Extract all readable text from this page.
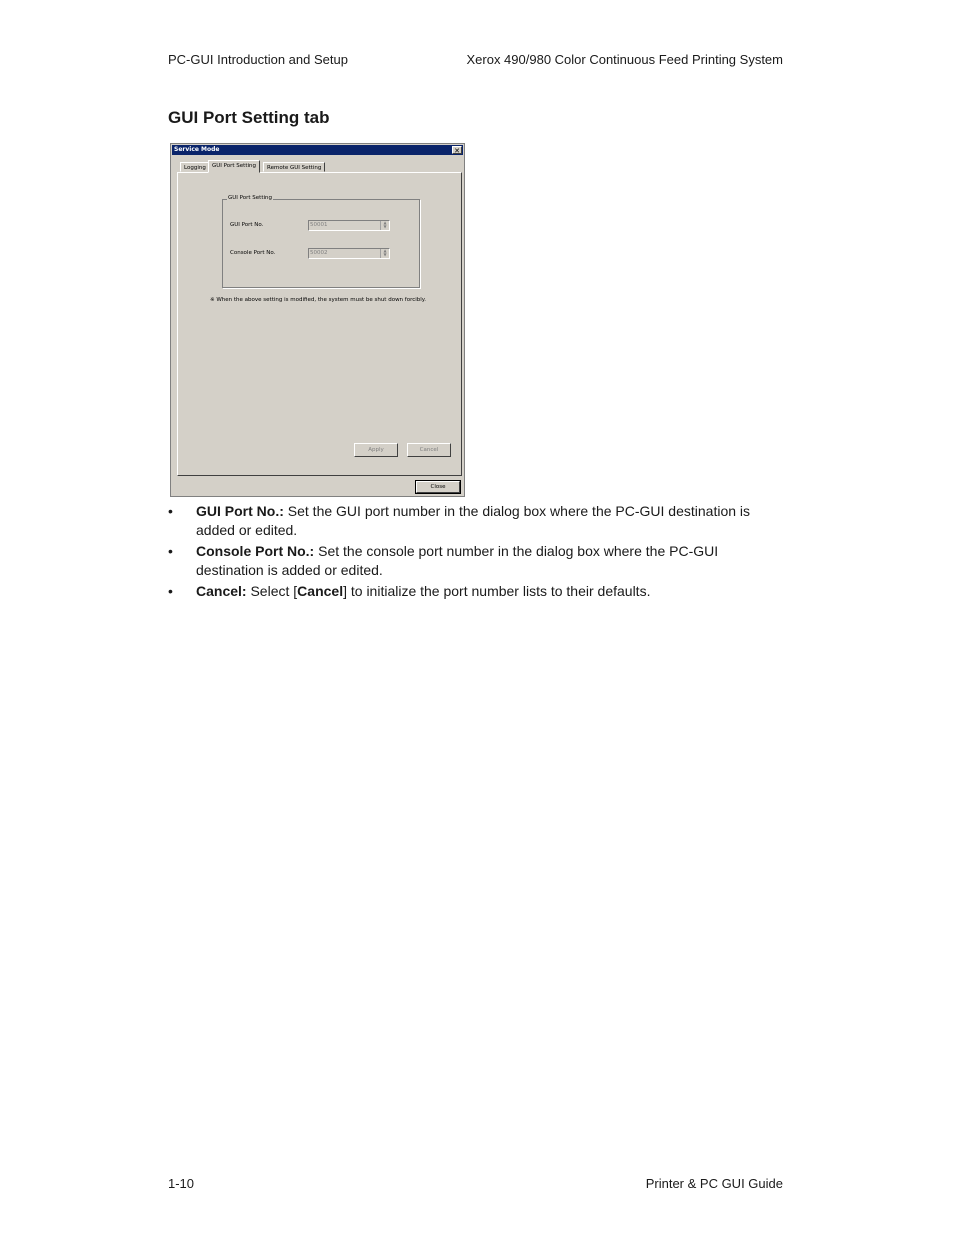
PC-GUI Introduction and Setup	Xerox 490/980 Color Continuous Feed Printing System
GUI Port Setting tab
Service Mode	✕
Logging	GUI Port Setting	Remote GUI Setting
GUI Port Setting
GUI Port No.	50001	▲
▼
Console Port No.	50002	▲
▼
※ When the above setting is modified, the system must be shut down forcibly.
Apply	Cancel
Close
• GUI Port No.: Set the GUI port number in the dialog box where the PC-GUI destination is added or edited.
• Console Port No.: Set the console port number in the dialog box where the PC-GUI destination is added or edited.
• Cancel: Select [Cancel] to initialize the port number lists to their defaults.
1-10	Printer & PC GUI Guide
